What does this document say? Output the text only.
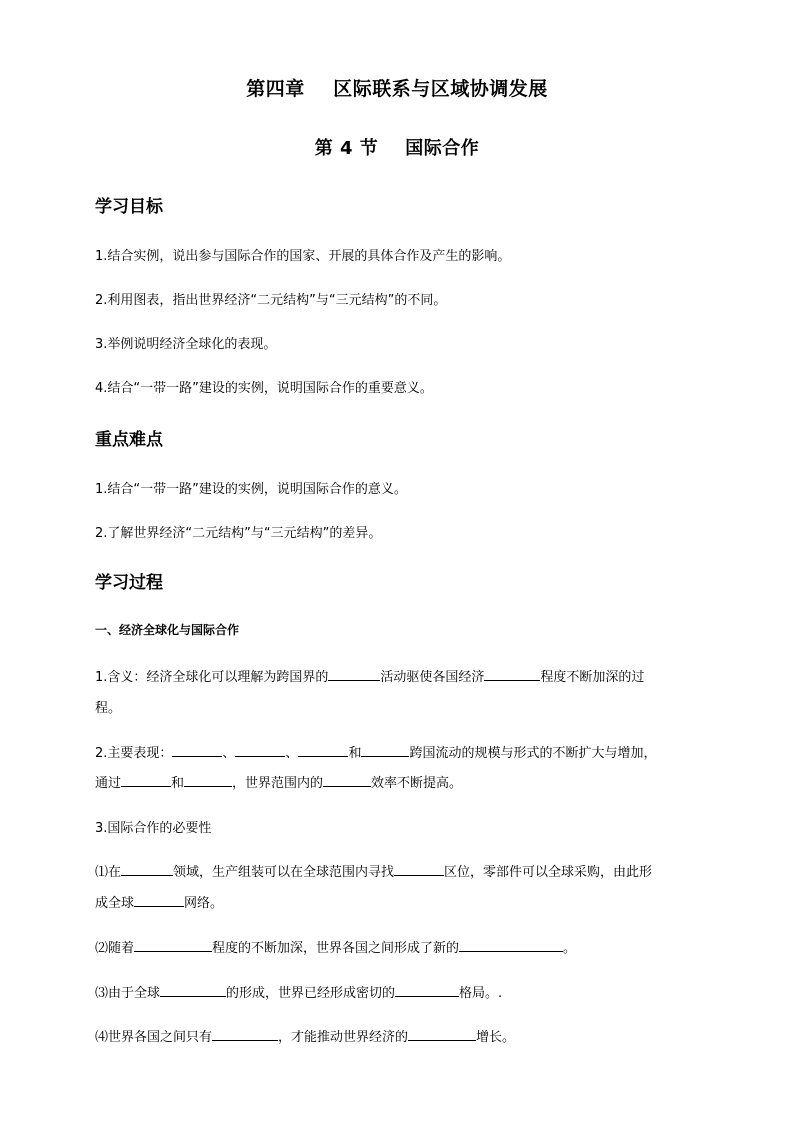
第四章    区际联系与区域协调发展
第 4 节    国际合作
学习目标
1.结合实例，说出参与国际合作的国家、开展的具体合作及产生的影响。
2.利用图表，指出世界经济“二元结构”与“三元结构”的不同。
3.举例说明经济全球化的表现。
4.结合“一带一路”建设的实例，说明国际合作的重要意义。
重点难点
1.结合“一带一路”建设的实例，说明国际合作的意义。
2.了解世界经济“二元结构”与“三元结构”的差异。
学习过程
一、经济全球化与国际合作
1.含义：经济全球化可以理解为跨国界的	活动驱使各国经济	程度不断加深的过
程。
2.主要表现：	、	、	和	跨国流动的规模与形式的不断扩大与增加，
通过	和	，世界范围内的	效率不断提高。
3.国际合作的必要性
⑴在	领域，生产组装可以在全球范围内寻找	区位，零部件可以全球采购，由此形
成全球	网络。
⑵随着	程度的不断加深，世界各国之间形成了新的	。
⑶由于全球	的形成，世界已经形成密切的	格局。.
⑷世界各国之间只有	，才能推动世界经济的	增长。
